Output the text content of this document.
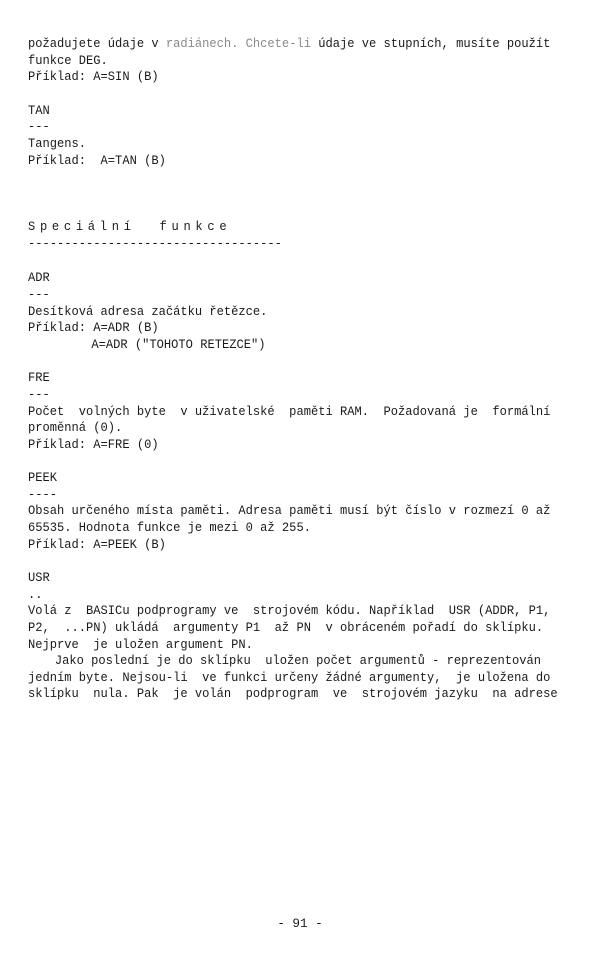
požadujete údaje v radiánech. Chcete-li údaje ve stupních, musíte použít
funkce DEG.
Příklad: A=SIN (B)
TAN
---
Tangens.
Příklad:  A=TAN (B)
Speciální  funkce
-----------------------------------
ADR
---
Desítková adresa začátku řetězce.
Příklad: A=ADR (B)
A=ADR ("TOHOTO RETEZCE")
FRE
---
Počet  volných byte  v uživatelské  paměti RAM.  Požadovaná je  formální
proměnná (0).
Příklad: A=FRE (0)
PEEK
----
Obsah určeného místa paměti. Adresa paměti musí být číslo v rozmezí 0 až
65535. Hodnota funkce je mezi 0 až 255.
Příklad: A=PEEK (B)
USR
..
Volá z  BASICu podprogramy ve  strojovém kódu. Například  USR (ADDR, P1,
P2,  ...PN) ukládá  argumenty P1  až PN  v obráceném pořadí do sklípku.
Nejprve  je uložen argument PN.
Jako poslední je do sklípku  uložen počet argumentů - reprezentován
jedním byte. Nejsou-li  ve funkci určeny žádné argumenty,  je uložena do
sklípku  nula. Pak  je volán  podprogram  ve  strojovém jazyku  na adrese
- 91 -
